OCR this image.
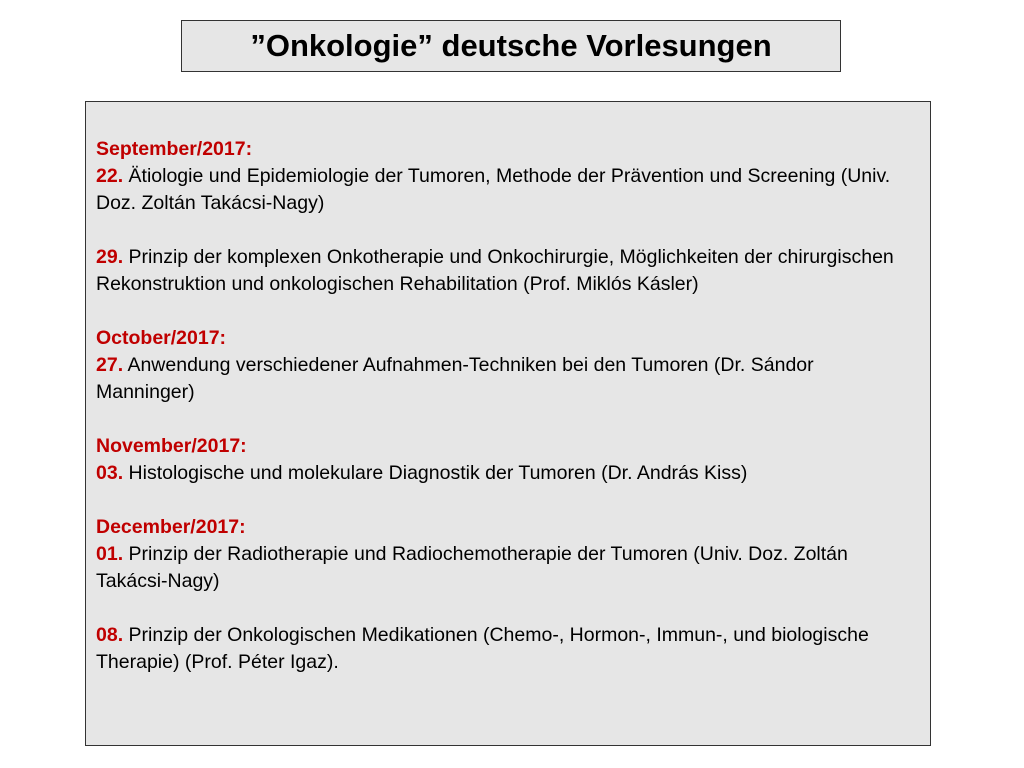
”Onkologie” deutsche Vorlesungen
September/2017:
22. Ätiologie und Epidemiologie der Tumoren, Methode der Prävention und Screening (Univ. Doz. Zoltán Takácsi-Nagy)
29. Prinzip der komplexen Onkotherapie und Onkochirurgie, Möglichkeiten der chirurgischen Rekonstruktion und onkologischen Rehabilitation (Prof. Miklós Kásler)
October/2017:
27. Anwendung verschiedener Aufnahmen-Techniken bei den Tumoren (Dr. Sándor Manninger)
November/2017:
03. Histologische und molekulare Diagnostik der Tumoren (Dr. András Kiss)
December/2017:
01. Prinzip der Radiotherapie und Radiochemotherapie der Tumoren (Univ. Doz. Zoltán Takácsi-Nagy)
08. Prinzip der Onkologischen Medikationen (Chemo-, Hormon-, Immun-, und biologische Therapie) (Prof. Péter Igaz).
